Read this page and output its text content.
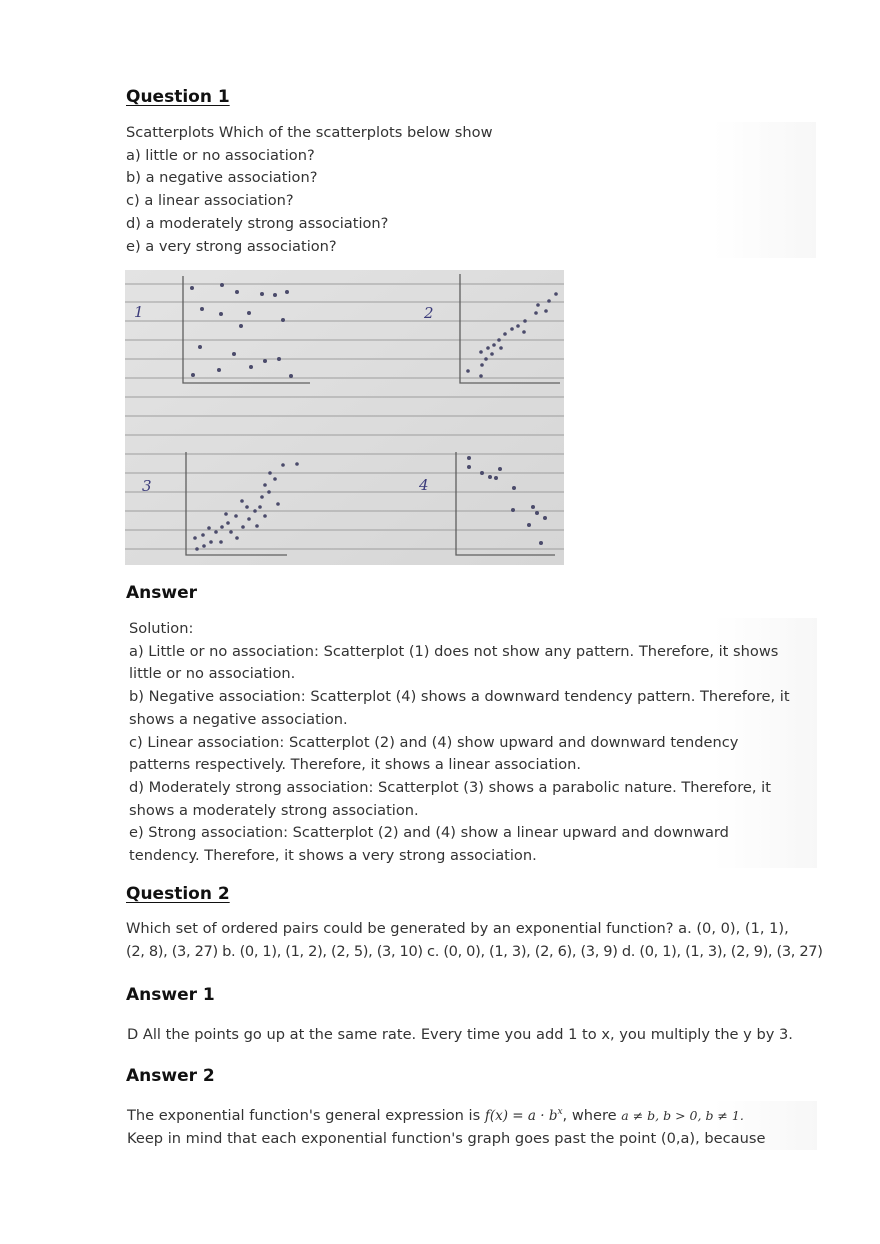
Question 1

Scatterplots Which of the scatterplots below show

a) little or no association?

b) a negative association?

c) a linear association?

d) a moderately strong association?

e) a very strong association?

1	2
3	4
Answer

Solution:

a) Little or no association: Scatterplot (1) does not show any pattern. Therefore, it shows

little or no association.

b) Negative association: Scatterplot (4) shows a downward tendency pattern. Therefore, it

shows a negative association.

c) Linear association: Scatterplot (2) and (4) show upward and downward tendency

patterns respectively. Therefore, it shows a linear association.

d) Moderately strong association: Scatterplot (3) shows a parabolic nature. Therefore, it

shows a moderately strong association.

e) Strong association: Scatterplot (2) and (4) show a linear upward and downward

tendency. Therefore, it shows a very strong association.

Question 2

Which set of ordered pairs could be generated by an exponential function? a. (0, 0), (1, 1),

(2, 8), (3, 27) b. (0, 1), (1, 2), (2, 5), (3, 10) c. (0, 0), (1, 3), (2, 6), (3, 9) d. (0, 1), (1, 3), (2, 9), (3, 27)

Answer 1

D All the points go up at the same rate. Every time you add 1 to x, you multiply the y by 3.

Answer 2

The exponential function's general expression is $f(x) = a \cdot b^x$, where a ≠ b, b > 0, b ≠ 1.

Keep in mind that each exponential function's graph goes past the point (0,a), because
